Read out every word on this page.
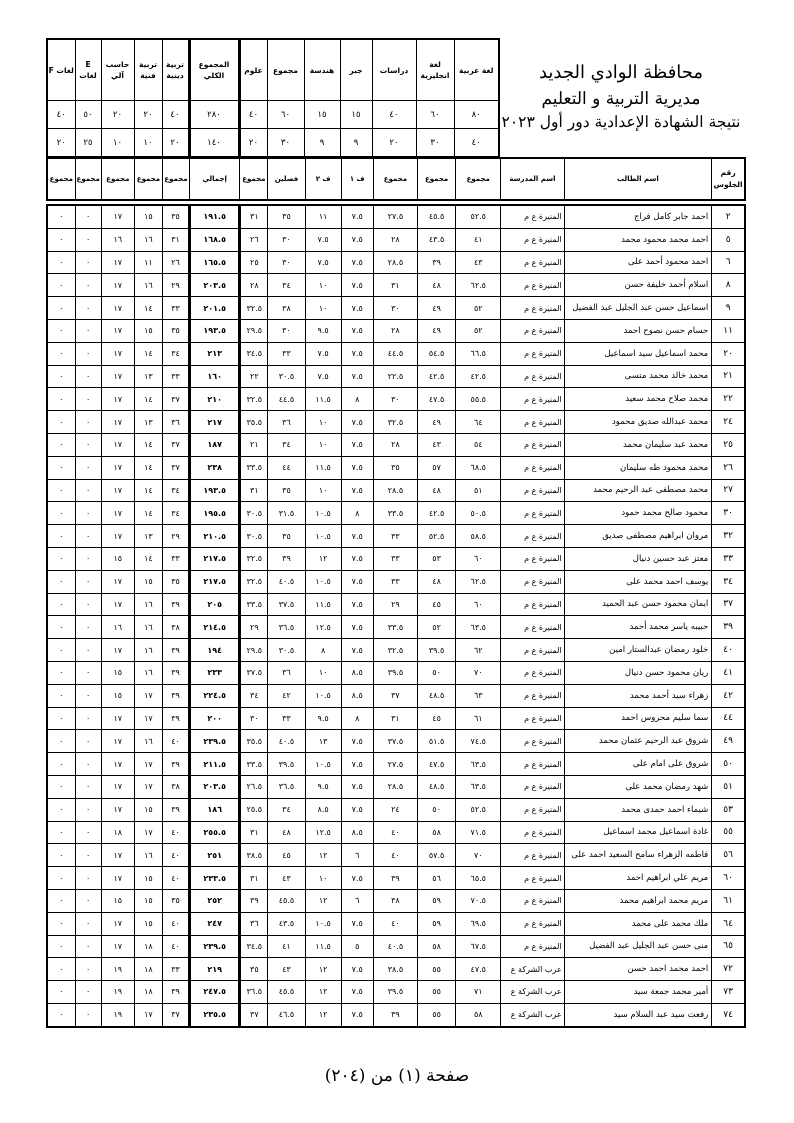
F لغات	E لغات	حاسب آلي	تربية فنية	تربية دينية	المجموع الكلي	علوم	مجموع	هندسة	جبر	دراسات	لغة انجليزية	لغة عربية
٤٠	٥٠	٢٠	٢٠	٤٠	٢٨٠	٤٠	٦٠	١٥	١٥	٤٠	٦٠	٨٠
٢٠	٢٥	١٠	١٠	٢٠	١٤٠	٢٠	٣٠	٩	٩	٢٠	٣٠	٤٠
محافظة الوادي الجديد
مديرية التربية و التعليم
نتيجة الشهادة الإعدادية دور أول ٢٠٢٣
مجموع	مجموع	مجموع	مجموع	مجموع	إجمالي	مجموع	فصلين	ف ٢	ف ١	مجموع	مجموع	مجموع	اسم المدرسة	اسم الطالب	رقم الجلوس
٠	٠	١٧	١٥	٣٥	١٩١.٥	٣١	٣٥	١١	٧.٥	٢٧.٥	٤٥.٥	٥٢.٥	المنيرة ع م	احمد جابر كامل فراج	٢
٠	٠	١٦	١٦	٣١	١٦٨.٥	٢٦	٣٠	٧.٥	٧.٥	٢٨	٤٣.٥	٤١	المنيرة ع م	احمد محمد محمود محمد	٥
٠	٠	١٧	١١	٢٦	١٦٥.٥	٢٥	٣٠	٧.٥	٧.٥	٢٨.٥	٣٩	٤٣	المنيرة ع م	احمد محمود أحمد على	٦
٠	٠	١٧	١٦	٢٩	٢٠٣.٥	٢٨	٣٤	١٠	٧.٥	٣١	٤٨	٦٢.٥	المنيرة ع م	اسلام أحمد خليفة حسن	٨
٠	٠	١٧	١٤	٣٣	٢٠١.٥	٣٢.٥	٣٨	١٠	٧.٥	٣٠	٤٩	٥٢	المنيرة ع م	اسماعيل حسن عبد الجليل عبد الفضيل	٩
٠	٠	١٧	١٥	٣٥	١٩٣.٥	٢٩.٥	٣٠	٩.٥	٧.٥	٢٨	٤٩	٥٢	المنيرة ع م	حسام حسن نصوح احمد	١١
٠	٠	١٧	١٤	٣٤	٢١٣	٣٤.٥	٣٣	٧.٥	٧.٥	٤٤.٥	٥٤.٥	٦٦.٥	المنيرة ع م	محمد اسماعيل سيد اسماعيل	٢٠
٠	٠	١٧	١٣	٣٣	١٦٠	٢٢	٣٠.٥	٧.٥	٧.٥	٢٢.٥	٤٢.٥	٤٢.٥	المنيرة ع م	محمد خالد محمد متسى	٢١
٠	٠	١٧	١٤	٣٧	٢١٠	٣٢.٥	٤٤.٥	١١.٥	٨	٣٠	٤٧.٥	٥٥.٥	المنيرة ع م	محمد صلاح محمد سعيد	٢٢
٠	٠	١٧	١٣	٣٦	٢١٧	٣٥.٥	٣٦	١٠	٧.٥	٣٢.٥	٤٩	٦٤	المنيرة ع م	محمد عبدالله صديق محمود	٢٤
٠	٠	١٧	١٤	٣٧	١٨٧	٢١	٣٤	١٠	٧.٥	٢٨	٤٣	٥٤	المنيرة ع م	محمد عبد سليمان محمد	٢٥
٠	٠	١٧	١٤	٣٧	٢٣٨	٣٣.٥	٤٤	١١.٥	٧.٥	٣٥	٥٧	٦٨.٥	المنيرة ع م	محمد محمود طه سليمان	٢٦
٠	٠	١٧	١٤	٣٤	١٩٣.٥	٣١	٣٥	١٠	٧.٥	٢٨.٥	٤٨	٥١	المنيرة ع م	محمد مصطفى عبد الرحيم محمد	٢٧
٠	٠	١٧	١٤	٣٤	١٩٥.٥	٣٠.٥	٣١.٥	١٠.٥	٨	٣٣.٥	٤٢.٥	٥٠.٥	المنيرة ع م	محمود صالح محمد حمود	٣٠
٠	٠	١٧	١٣	٢٩	٢١٠.٥	٣٠.٥	٣٥	١٠.٥	٧.٥	٣٣	٥٢.٥	٥٨.٥	المنيرة ع م	مروان ابراهيم مصطفى صديق	٣٢
٠	٠	١٥	١٤	٣٣	٢١٧.٥	٣٢.٥	٣٩	١٢	٧.٥	٣٣	٥٣	٦٠	المنيرة ع م	معتز عبد حسين دنيال	٣٣
٠	٠	١٧	١٥	٣٥	٢١٧.٥	٣٢.٥	٤٠.٥	١٠.٥	٧.٥	٣٣	٤٨	٦٢.٥	المنيرة ع م	يوسف احمد محمد على	٣٤
٠	٠	١٧	١٦	٣٩	٢٠٥	٣٣.٥	٣٧.٥	١١.٥	٧.٥	٢٩	٤٥	٦٠	المنيرة ع م	ايمان محمود حسن عبد الحميد	٣٧
٠	٠	١٦	١٦	٣٨	٢١٤.٥	٢٩	٣٦.٥	١٢.٥	٧.٥	٣٣.٥	٥٢	٦٣.٥	المنيرة ع م	حبيبه ياسر محمد أحمد	٣٩
٠	٠	١٧	١٦	٣٩	١٩٤	٢٩.٥	٣٠.٥	٨	٧.٥	٣٢.٥	٣٩.٥	٦٢	المنيرة ع م	خلود رمضان عبدالستار امين	٤٠
٠	٠	١٥	١٦	٣٩	٢٣٣	٣٧.٥	٣٦	١٠	٨.٥	٣٩.٥	٥٠	٧٠	المنيرة ع م	ريان محمود حسن دنيال	٤١
٠	٠	١٥	١٧	٣٩	٢٢٤.٥	٣٤	٤٢	١٠.٥	٨.٥	٣٧	٤٨.٥	٦٣	المنيرة ع م	زهراء سيد أحمد محمد	٤٢
٠	٠	١٧	١٧	٣٩	٢٠٠	٣٠	٣٣	٩.٥	٨	٣١	٤٥	٦١	المنيرة ع م	سما سليم محروس احمد	٤٤
٠	٠	١٧	١٦	٤٠	٢٣٩.٥	٣٥.٥	٤٠.٥	١٣	٧.٥	٣٧.٥	٥١.٥	٧٤.٥	المنيرة ع م	شروق عبد الرحيم عثمان محمد	٤٩
٠	٠	١٧	١٧	٣٩	٢١١.٥	٣٣.٥	٣٩.٥	١٠.٥	٧.٥	٢٧.٥	٤٧.٥	٦٣.٥	المنيرة ع م	شروق على امام على	٥٠
٠	٠	١٧	١٧	٣٨	٢٠٣.٥	٢٦.٥	٣٦.٥	٩.٥	٧.٥	٢٨.٥	٤٨.٥	٦٣.٥	المنيرة ع م	شهد رمضان محمد على	٥١
٠	٠	١٧	١٥	٣٩	١٨٦	٢٥.٥	٣٤	٨.٥	٧.٥	٢٤	٥٠	٥٢.٥	المنيرة ع م	شيماء احمد حمدى محمد	٥٣
٠	٠	١٨	١٧	٤٠	٢٥٥.٥	٣١	٤٨	١٢.٥	٨.٥	٤٠	٥٨	٧١.٥	المنيرة ع م	غادة اسماعيل محمد اسماعيل	٥٥
٠	٠	١٧	١٦	٤٠	٢٥١	٣٨.٥	٤٥	١٢	٦	٤٠	٥٧.٥	٧٠	المنيرة ع م	فاطمه الزهراء سامح السعيد احمد على	٥٦
٠	٠	١٧	١٥	٤٠	٢٣٣.٥	٣١	٤٣	١٠	٧.٥	٣٩	٥٦	٦٥.٥	المنيرة ع م	مريم علي ابراهيم احمد	٦٠
٠	٠	١٥	١٥	٣٥	٢٥٢	٣٩	٤٥.٥	١٢	٦	٣٨	٥٩	٧٠.٥	المنيرة ع م	مريم محمد ابراهيم محمد	٦١
٠	٠	١٧	١٥	٤٠	٢٤٧	٣٦	٤٣.٥	١٠.٥	٧.٥	٤٠	٥٩	٦٩.٥	المنيرة ع م	ملك محمد على محمد	٦٤
٠	٠	١٧	١٨	٤٠	٢٣٩.٥	٣٤.٥	٤١	١١.٥	٥	٤٠.٥	٥٨	٦٧.٥	المنيرة ع م	منى حسن عبد الجليل عبد الفضيل	٦٥
٠	٠	١٩	١٨	٣٣	٢١٩	٣٥	٤٣	١٢	٧.٥	٣٨.٥	٥٥	٤٧.٥	عرب الشركة ع	احمد محمد احمد حسن	٧٢
٠	٠	١٩	١٨	٣٩	٢٤٧.٥	٣٦.٥	٤٥.٥	١٢	٧.٥	٣٩.٥	٥٥	٧١	عرب الشركة ع	أمير محمد جمعة سيد	٧٣
٠	٠	١٩	١٧	٣٧	٢٣٥.٥	٣٧	٤٦.٥	١٢	٧.٥	٣٩	٥٥	٥٨	عرب الشركة ع	رفعت سيد عبد السلام سيد	٧٤
صفحة (١) من (٢٠٤)
